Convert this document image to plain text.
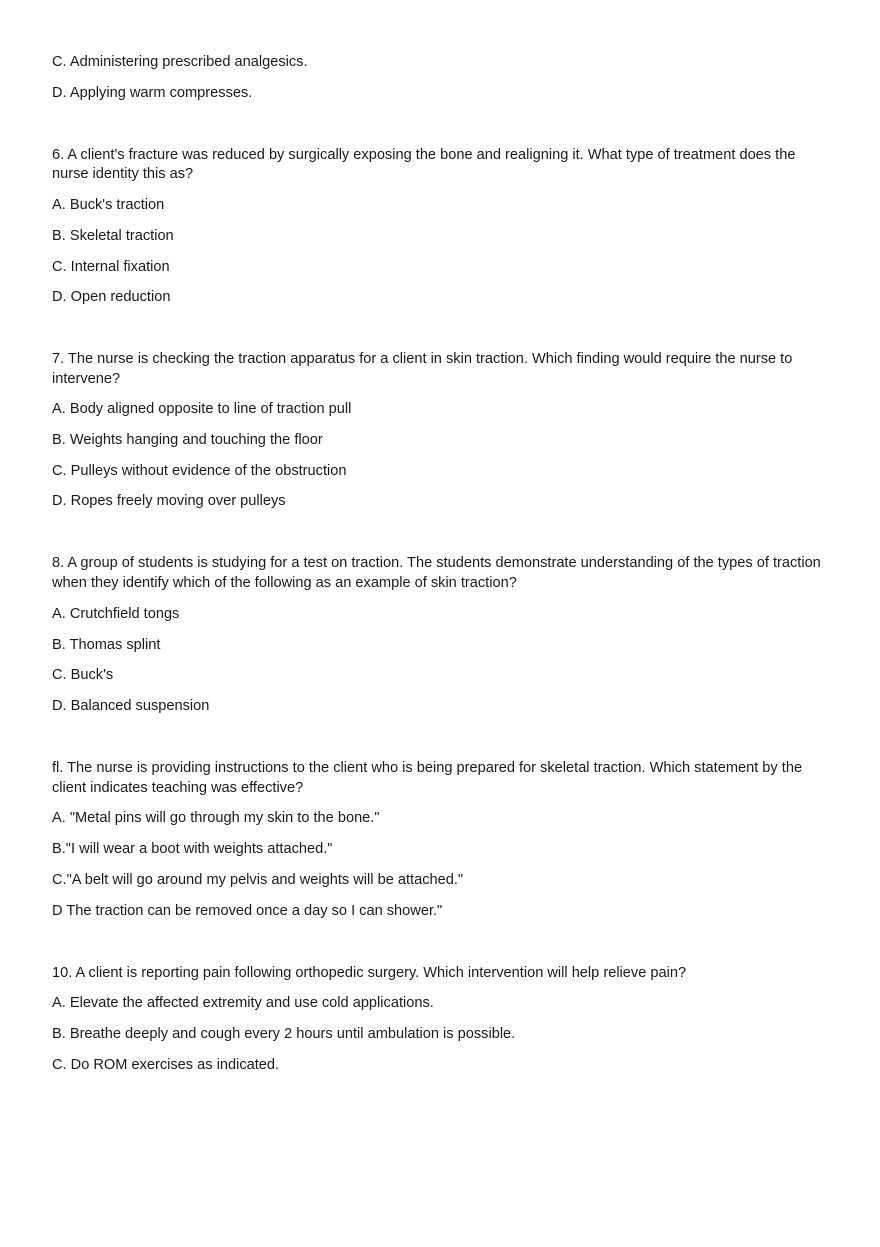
C. Administering prescribed analgesics.
D. Applying warm compresses.
6. A client's fracture was reduced by surgically exposing the bone and realigning it. What type of treatment does the
nurse identity this as?
A. Buck's traction
B. Skeletal traction
C. Internal fixation
D. Open reduction
7. The nurse is checking the traction apparatus for a client in skin traction. Which finding would require the nurse to
intervene?
A. Body aligned opposite to line of traction pull
B. Weights hanging and touching the floor
C. Pulleys without evidence of the obstruction
D. Ropes freely moving over pulleys
8. A group of students is studying for a test on traction. The students demonstrate understanding of the types of traction
when they identify which of the following as an example of skin traction?
A. Crutchfield tongs
B. Thomas splint
C. Buck's
D. Balanced suspension
fl. The nurse is providing instructions to the client who is being prepared for skeletal traction. Which statement by the
client indicates teaching was effective?
A. "Metal pins will go through my skin to the bone."
B."I will wear a boot with weights attached."
C."A belt will go around my pelvis and weights will be attached."
D The traction can be removed once a day so I can shower."
10. A client is reporting pain following orthopedic surgery. Which intervention will help relieve pain?
A. Elevate the affected extremity and use cold applications.
B. Breathe deeply and cough every 2 hours until ambulation is possible.
C. Do ROM exercises as indicated.
